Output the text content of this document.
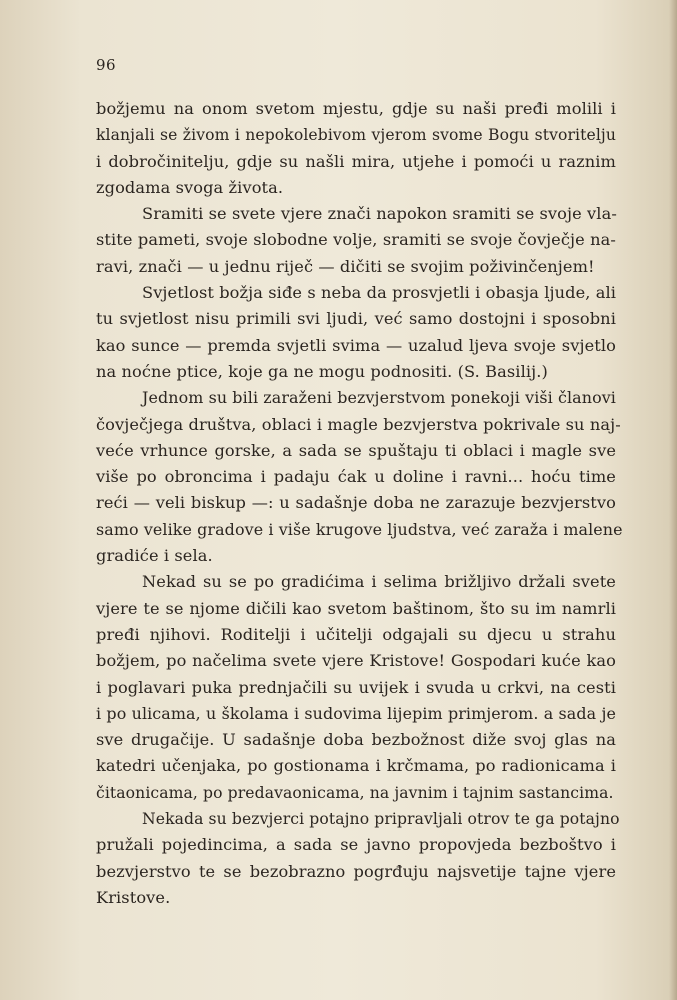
96
božjemu na onom svetom mjestu, gdje su naši pređi molili i
klanjali se živom i nepokolebivom vjerom svome Bogu stvoritelju
i dobročinitelju, gdje su našli mira, utjehe i pomoći u raznim
zgodama svoga života.
Sramiti se svete vjere znači napokon sramiti se svoje vla-
stite pameti, svoje slobodne volje, sramiti se svoje čovječje na-
ravi, znači — u jednu riječ — dičiti se svojim poživinčenjem!
Svjetlost božja siđe s neba da prosvjetli i obasja ljude, ali
tu svjetlost nisu primili svi ljudi, već samo dostojni i sposobni
kao sunce — premda svjetli svima — uzalud ljeva svoje svjetlo
na noćne ptice, koje ga ne mogu podnositi. (S. Basilij.)
Jednom su bili zaraženi bezvjerstvom ponekoji viši članovi
čovječjega društva, oblaci i magle bezvjerstva pokrivale su naj-
veće vrhunce gorske, a sada se spuštaju ti oblaci i magle sve
više po obroncima i padaju ćak u doline i ravni... hoću time
reći — veli biskup —: u sadašnje doba ne zarazuje bezvjerstvo
samo velike gradove i više krugove ljudstva, već zaraža i malene
gradiće i sela.
Nekad su se po gradićima i selima brižljivo držali svete
vjere te se njome dičili kao svetom baštinom, što su im namrli
pređi njihovi. Roditelji i učitelji odgajali su djecu u strahu
božjem, po načelima svete vjere Kristove! Gospodari kuće kao
i poglavari puka prednjačili su uvijek i svuda u crkvi, na cesti
i po ulicama, u školama i sudovima lijepim primjerom. a sada je
sve drugačije. U sadašnje doba bezbožnost diže svoj glas na
katedri učenjaka, po gostionama i krčmama, po radionicama i
čitaonicama, po predavaonicama, na javnim i tajnim sastancima.
Nekada su bezvjerci potajno pripravljali otrov te ga potajno
pružali pojedincima, a sada se javno propovjeda bezboštvo i
bezvjerstvo te se bezobrazno pogrđuju najsvetije tajne vjere
Kristove.
